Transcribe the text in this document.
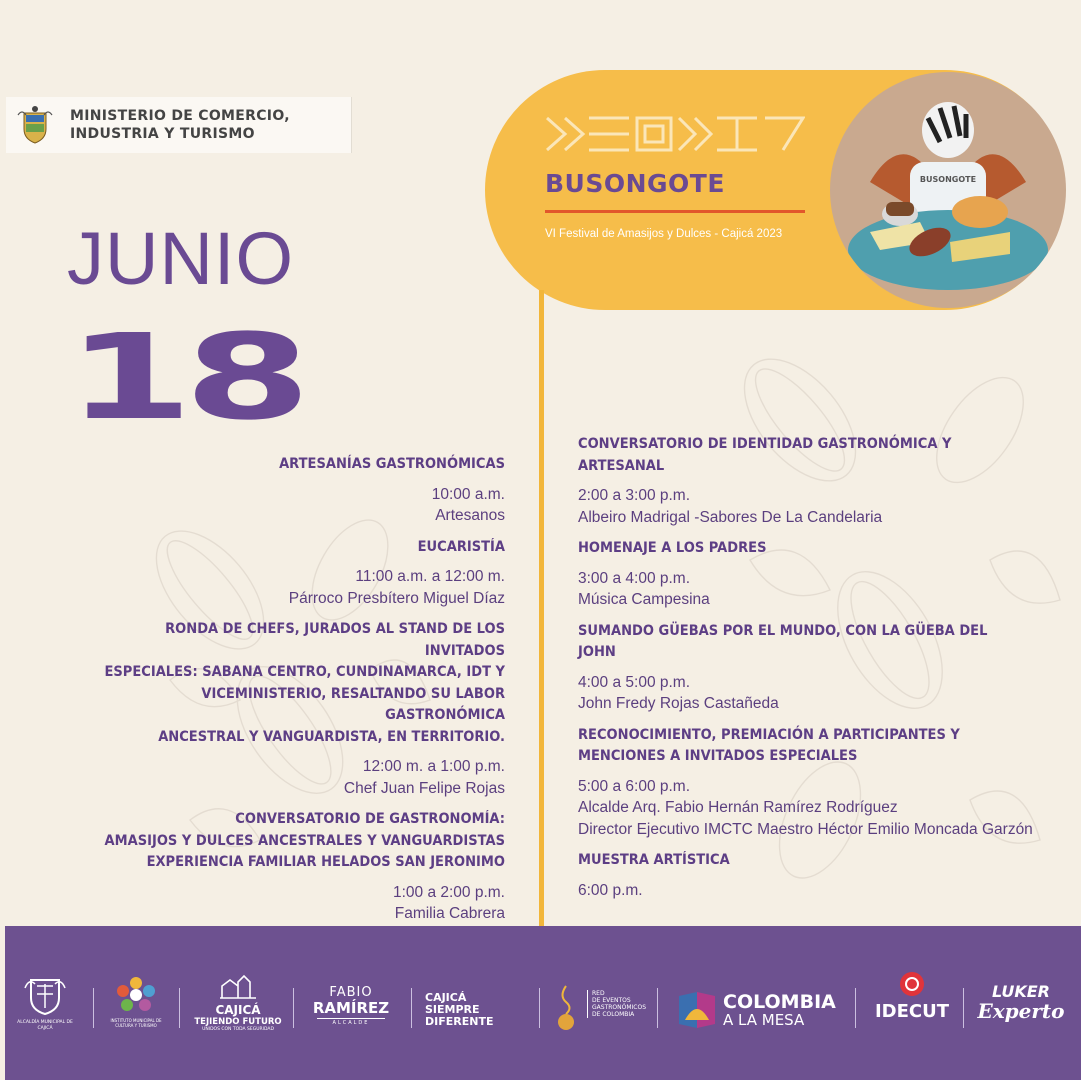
MINISTERIO DE COMERCIO,
INDUSTRIA Y TURISMO
JUNIO
18
BUSONGOTE
VI Festival de Amasijos y Dulces - Cajicá 2023
BUSONGOTE
ARTESANÍAS GASTRONÓMICAS
10:00 a.m.
Artesanos
EUCARISTÍA
11:00 a.m. a 12:00 m.
Párroco Presbítero Miguel Díaz
RONDA DE CHEFS, JURADOS AL STAND DE LOS INVITADOS
ESPECIALES: SABANA CENTRO, CUNDINAMARCA, IDT Y
VICEMINISTERIO, RESALTANDO SU LABOR GASTRONÓMICA
ANCESTRAL Y VANGUARDISTA, EN TERRITORIO.
12:00 m. a 1:00 p.m.
Chef Juan Felipe Rojas
CONVERSATORIO DE GASTRONOMÍA:
AMASIJOS Y DULCES ANCESTRALES Y VANGUARDISTAS
EXPERIENCIA FAMILIAR HELADOS SAN JERONIMO
1:00 a 2:00 p.m.
Familia Cabrera
CONVERSATORIO DE IDENTIDAD GASTRONÓMICA Y ARTESANAL
2:00 a 3:00 p.m.
Albeiro Madrigal -Sabores De La Candelaria
HOMENAJE A LOS PADRES
3:00 a 4:00 p.m.
Música Campesina
SUMANDO GÜEBAS POR EL MUNDO, CON LA GÜEBA DEL JOHN
4:00 a 5:00 p.m.
John Fredy Rojas Castañeda
RECONOCIMIENTO, PREMIACIÓN A PARTICIPANTES Y
MENCIONES A INVITADOS ESPECIALES
5:00 a 6:00 p.m.
Alcalde Arq. Fabio Hernán Ramírez Rodríguez
Director Ejecutivo IMCTC Maestro Héctor Emilio Moncada Garzón
MUESTRA ARTÍSTICA
6:00 p.m.
ALCALDÍA MUNICIPAL DE CAJICÁ
INSTITUTO MUNICIPAL DE CULTURA Y TURISMO
CAJICÁ
TEJIENDO FUTURO
UNIDOS CON TODA SEGURIDAD
FABIO
RAMÍREZ
ALCALDE
CAJICÁ
SIEMPRE
DIFERENTE
RED
DE EVENTOS
GASTRONÓMICOS
DE COLOMBIA
COLOMBIA
A LA MESA	IDECUT
LUKER
Experto
